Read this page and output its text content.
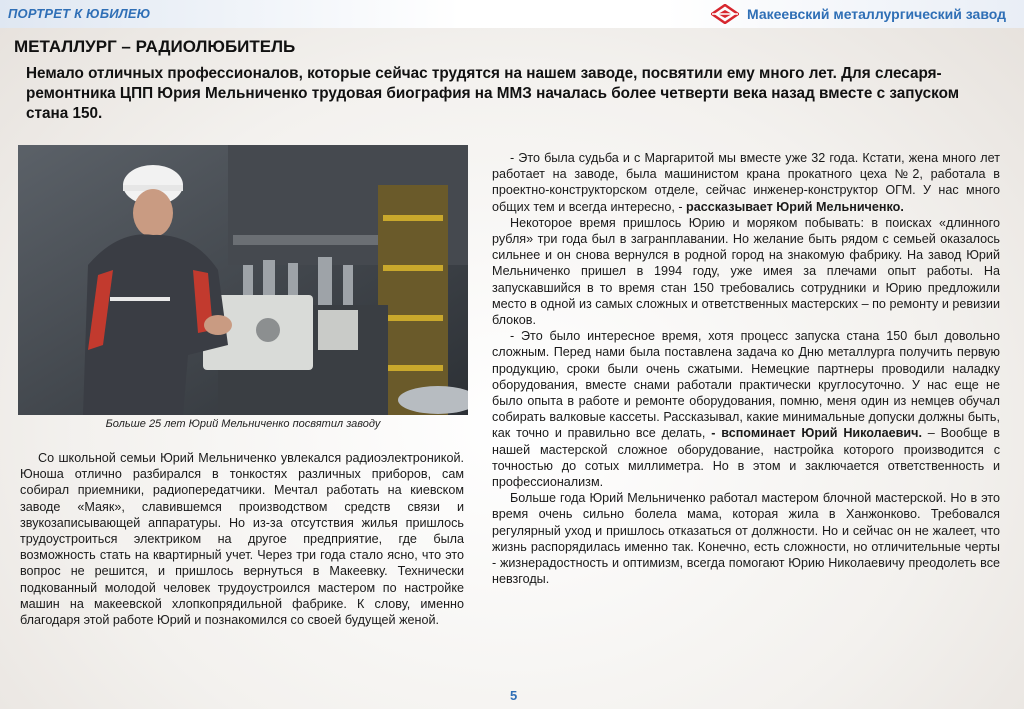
ПОРТРЕТ К ЮБИЛЕЮ	Макеевский металлургический завод
МЕТАЛЛУРГ – РАДИОЛЮБИТЕЛЬ
Немало отличных профессионалов, которые сейчас трудятся на нашем заводе, посвятили ему много лет. Для слесаря-ремонтника ЦПП Юрия Мельниченко трудовая биография на ММЗ началась более четверти века назад вместе с запуском стана 150.
Больше 25 лет Юрий Мельниченко посвятил заводу

Со школьной семьи Юрий Мельниченко увлекался радиоэлектроникой. Юноша отлично разбирался в тонкостях различных приборов, сам собирал приемники, радиопередатчики. Мечтал работать на киевском заводе «Маяк», славившемся производством средств связи и звукозаписывающей аппаратуры. Но из-за отсутствия жилья пришлось трудоустроиться электриком на другое предприятие, где была возможность стать на квартирный учет. Через три года стало ясно, что это вопрос не решится, и пришлось вернуться в Макеевку. Технически подкованный молодой человек трудоустроился мастером по настройке машин на макеевской хлопкопрядильной фабрике. К слову, именно благодаря этой работе Юрий и познакомился со своей будущей женой.

- Это была судьба и с Маргаритой мы вместе уже 32 года. Кстати, жена много лет работает на заводе, была машинистом крана прокатного цеха №2, работала в проектно-конструкторском отделе, сейчас инженер-конструктор ОГМ. У нас много общих тем и всегда интересно, - рассказывает Юрий Мельниченко.

Некоторое время пришлось Юрию и моряком побывать: в поисках «длинного рубля» три года был в загранплавании. Но желание быть рядом с семьей оказалось сильнее и он снова вернулся в родной город на знакомую фабрику. На завод Юрий Мельниченко пришел в 1994 году, уже имея за плечами опыт работы. На запускавшийся в то время стан 150 требовались сотрудники и Юрию предложили место в одной из самых сложных и ответственных мастерских – по ремонту и ревизии блоков.

- Это было интересное время, хотя процесс запуска стана 150 был довольно сложным. Перед нами была поставлена задача ко Дню металлурга получить первую продукцию, сроки были очень сжатыми. Немецкие партнеры проводили наладку оборудования, вместе снами работали практически круглосуточно. У нас еще не было опыта в работе и ремонте оборудования, помню, меня один из немцев обучал собирать валковые кассеты. Рассказывал, какие минимальные допуски должны быть, как точно и правильно все делать, - вспоминает Юрий Николаевич. – Вообще в нашей мастерской сложное оборудование, настройка которого производится с точностью до сотых миллиметра. Но в этом и заключается ответственность и профессионализм.

Больше года Юрий Мельниченко работал мастером блочной мастерской. Но в это время очень сильно болела мама, которая жила в Ханжонково. Требовался регулярный уход и пришлось отказаться от должности. Но и сейчас он не жалеет, что жизнь распорядилась именно так. Конечно, есть сложности, но отличительные черты - жизнерадостность и оптимизм, всегда помогают Юрию Николаевичу преодолеть все невзгоды.

5
